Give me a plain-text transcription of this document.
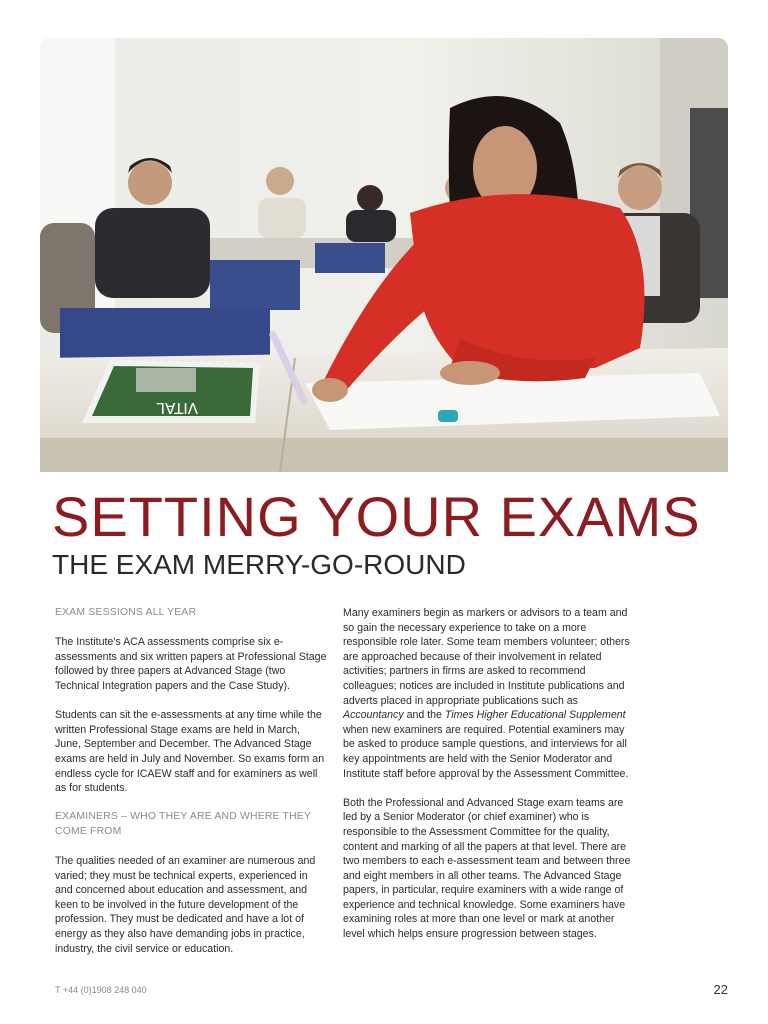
VITAL
SETTING YOUR EXAMS
THE EXAM MERRY-GO-ROUND
EXAM SESSIONS ALL YEAR

The Institute’s ACA assessments comprise six e-assessments and six written papers at Professional Stage followed by three papers at Advanced Stage (two Technical Integration papers and the Case Study).

Students can sit the e-assessments at any time while the written Professional Stage exams are held in March, June, September and December. The Advanced Stage exams are held in July and November. So exams form an endless cycle for ICAEW staff and for examiners as well as for students.

EXAMINERS – WHO THEY ARE AND WHERE THEY COME FROM

The qualities needed of an examiner are numerous and varied; they must be technical experts, experienced in and concerned about education and assessment, and keen to be involved in the future development of the profession. They must be dedicated and have a lot of energy as they also have demanding jobs in practice, industry, the civil service or education.

Many examiners begin as markers or advisors to a team and so gain the necessary experience to take on a more responsible role later. Some team members volunteer; others are approached because of their involvement in related activities; partners in firms are asked to recommend colleagues; notices are included in Institute publications and adverts placed in appropriate publications such as Accountancy and the Times Higher Educational Supplement when new examiners are required. Potential examiners may be asked to produce sample questions, and interviews for all key appointments are held with the Senior Moderator and Institute staff before approval by the Assessment Committee.

Both the Professional and Advanced Stage exam teams are led by a Senior Moderator (or chief examiner) who is responsible to the Assessment Committee for the quality, content and marking of all the papers at that level. There are two members to each e-assessment team and between three and eight members in all other teams. The Advanced Stage papers, in particular, require examiners with a wide range of experience and technical knowledge. Some examiners have examining roles at more than one level or mark at another level which helps ensure progression between stages.

T +44 (0)1908 248 040	22
